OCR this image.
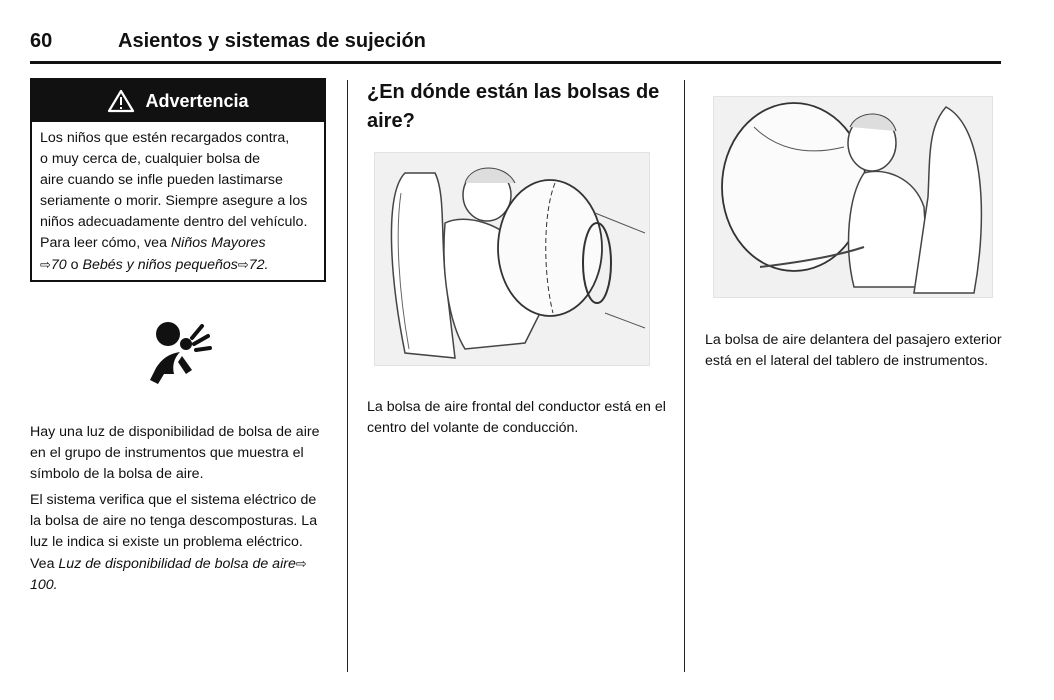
60	Asientos y sistemas de sujeción
Advertencia

Los niños que estén recargados contra,

o muy cerca de, cualquier bolsa de

aire cuando se infle pueden lastimarse

seriamente o morir. Siempre asegure a los

niños adecuadamente dentro del vehículo.

Para leer cómo, vea Niños Mayores

⇨70 o Bebés y niños pequeños⇨72.

Hay una luz de disponibilidad de bolsa de aire en el grupo de instrumentos que muestra el símbolo de la bolsa de aire.

El sistema verifica que el sistema eléctrico de la bolsa de aire no tenga descomposturas. La luz le indica si existe un problema eléctrico. Vea Luz de disponibilidad de bolsa de aire⇨ 100.

¿En dónde están las bolsas de aire?
La bolsa de aire frontal del conductor está en el centro del volante de conducción.
La bolsa de aire delantera del pasajero exterior está en el lateral del tablero de instrumentos.
